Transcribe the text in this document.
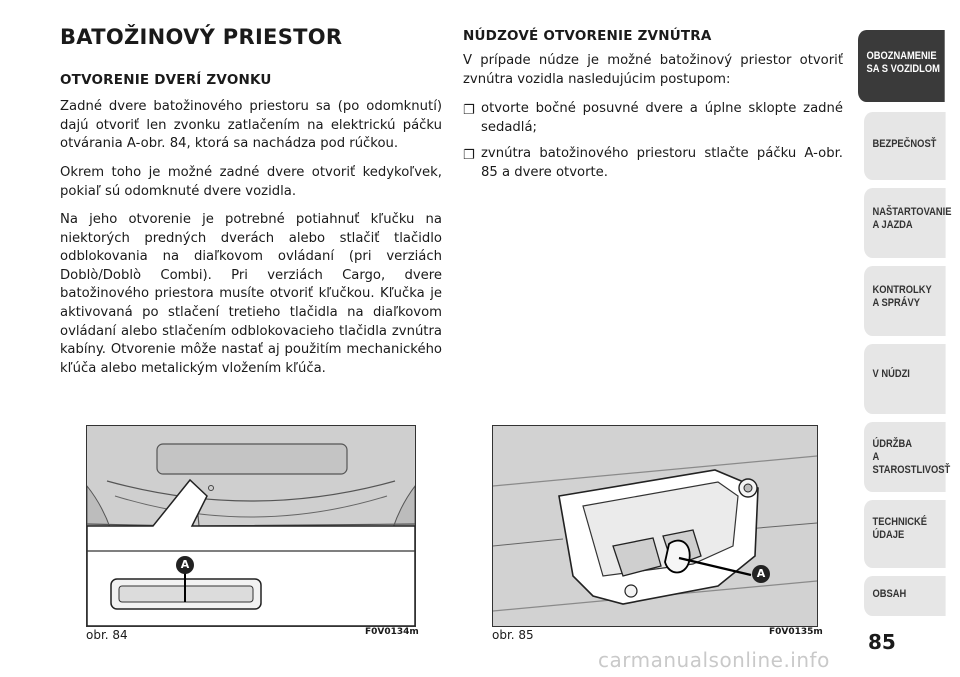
BATOŽINOVÝ PRIESTOR
OTVORENIE DVERÍ ZVONKU

Zadné dvere batožinového priestoru sa (po odomknutí) dajú otvoriť len zvonku zatlačením na elektrickú páčku otvárania A-obr. 84, ktorá sa nachádza pod rúčkou.

Okrem toho je možné zadné dvere otvoriť kedykoľvek, pokiaľ sú odomknuté dvere vozidla.

Na jeho otvorenie je potrebné potiahnuť kľučku na niektorých predných dverách alebo stlačiť tlačidlo odblokovania na diaľkovom ovládaní (pri verziách Doblò/Doblò Combi). Pri verziách Cargo, dvere batožinového priestora musíte otvoriť kľučkou. Kľučka je aktivovaná po stlačení tretieho tlačidla na diaľkovom ovládaní alebo stlačením odblokovacieho tlačidla zvnútra kabíny. Otvorenie môže nastať aj použitím mechanického kľúča alebo metalickým vložením kľúča.

NÚDZOVÉ OTVORENIE ZVNÚTRA

V prípade núdze je možné batožinový priestor otvoriť zvnútra vozidla nasledujúcim postupom:

❐ otvorte bočné posuvné dvere a úplne sklopte zadné sedadlá;
❐ zvnútra batožinového priestoru stlačte páčku A-obr. 85 a dvere otvorte.
A
obr. 84	F0V0134m
A
obr. 85	F0V0135m
OBOZNAMENIE
SA S VOZIDLOM
BEZPEČNOSŤ
NAŠTARTOVANIE
A JAZDA
KONTROLKY
A SPRÁVY
V NÚDZI
ÚDRŽBA
A STAROSTLIVOSŤ
TECHNICKÉ
ÚDAJE
OBSAH
85
carmanualsonline.info
